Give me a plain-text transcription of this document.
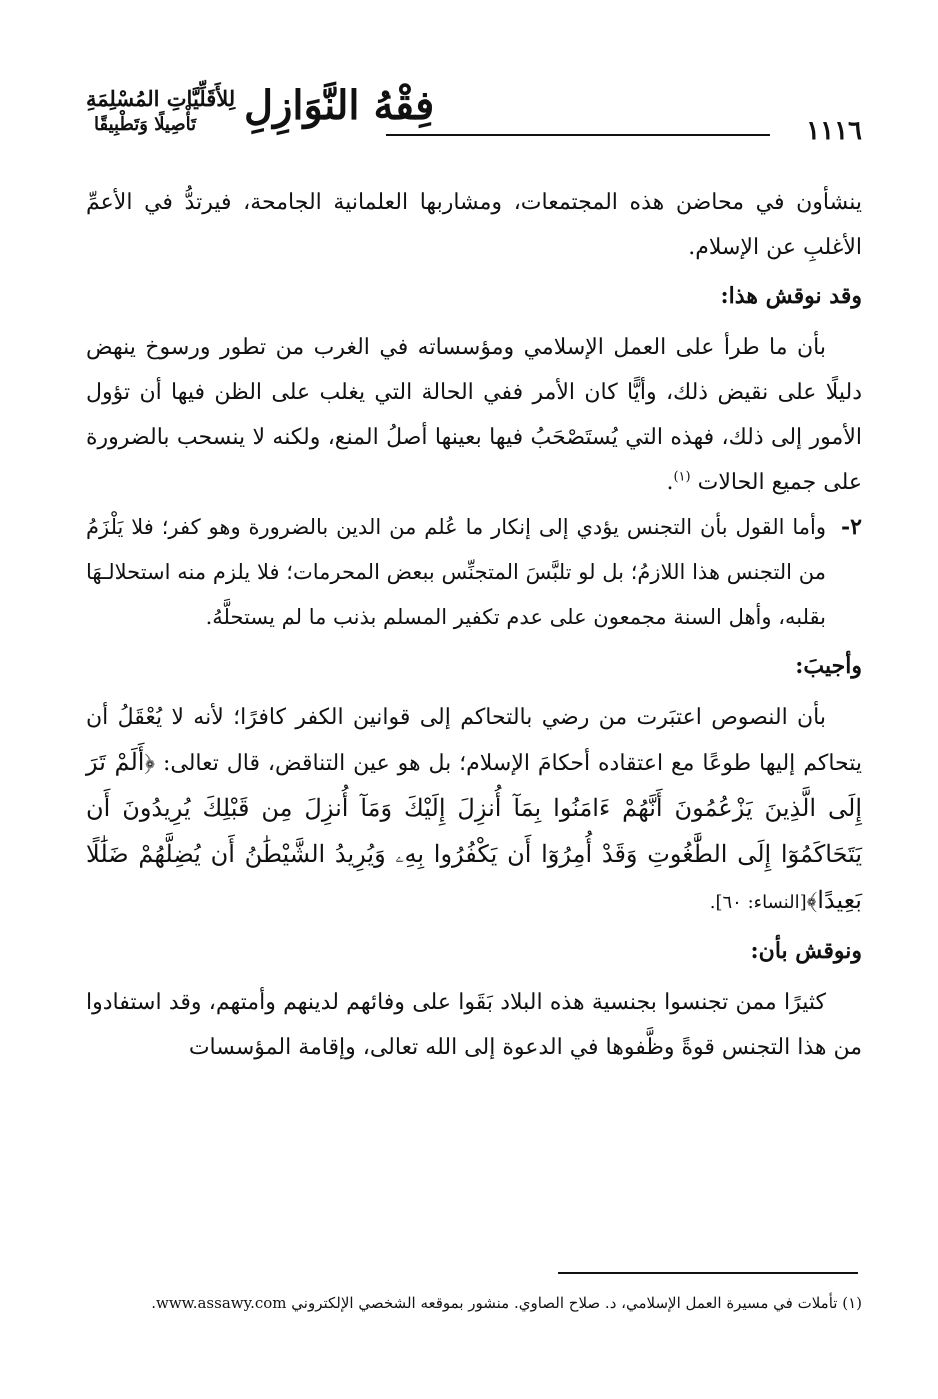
لِلأَقَلِّيَّاتِ المُسْلِمَةِ
تَأْصِيلًا وَتَطْبِيقًا فِقْهُ النَّوَازِلِ
١١١٦

ينشأون في محاضن هذه المجتمعات، ومشاربها العلمانية الجامحة، فيرتدُّ في الأعمِّ الأغلبِ عن الإسلام.

وقد نوقش هذا:

بأن ما طرأ على العمل الإسلامي ومؤسساته في الغرب من تطور ورسوخ ينهض دليلًا على نقيض ذلك، وأيًّا كان الأمر ففي الحالة التي يغلب على الظن فيها أن تؤول الأمور إلى ذلك، فهذه التي يُستَصْحَبُ فيها بعينها أصلُ المنع، ولكنه لا ينسحب بالضرورة على جميع الحالات $^{(١)}$.

٢-
وأما القول بأن التجنس يؤدي إلى إنكار ما عُلم من الدين بالضرورة وهو كفر؛ فلا يَلْزَمُ من التجنس هذا اللازمُ؛ بل لو تلبَّسَ المتجنِّس ببعض المحرمات؛ فلا يلزم منه استحلالـهَا بقلبه، وأهل السنة مجمعون على عدم تكفير المسلم بذنب ما لم يستحلَّهُ.

وأجيبَ:

بأن النصوص اعتبَرت من رضي بالتحاكم إلى قوانين الكفر كافرًا؛ لأنه لا يُعْقَلُ أن يتحاكم إليها طوعًا مع اعتقاده أحكامَ الإسلام؛ بل هو عين التناقض، قال تعالى: ﴿أَلَمْ تَرَ إِلَى الَّذِينَ يَزْعُمُونَ أَنَّهُمْ ءَامَنُوا بِمَآ أُنزِلَ إِلَيْكَ وَمَآ أُنزِلَ مِن قَبْلِكَ يُرِيدُونَ أَن يَتَحَاكَمُوٓا إِلَى الطَّٰغُوتِ وَقَدْ أُمِرُوٓا أَن يَكْفُرُوا بِهِۦ وَيُرِيدُ الشَّيْطَٰنُ أَن يُضِلَّهُمْ ضَلَٰلًا بَعِيدًا﴾[النساء: ٦٠].

ونوقش بأن:

كثيرًا ممن تجنسوا بجنسية هذه البلاد بَقَوا على وفائهم لدينهم وأمتهم، وقد استفادوا من هذا التجنس قوةً وظَّفوها في الدعوة إلى الله تعالى، وإقامة المؤسسات

(١) تأملات في مسيرة العمل الإسلامي، د. صلاح الصاوي. منشور بموقعه الشخصي الإلكتروني www.assawy.com.
